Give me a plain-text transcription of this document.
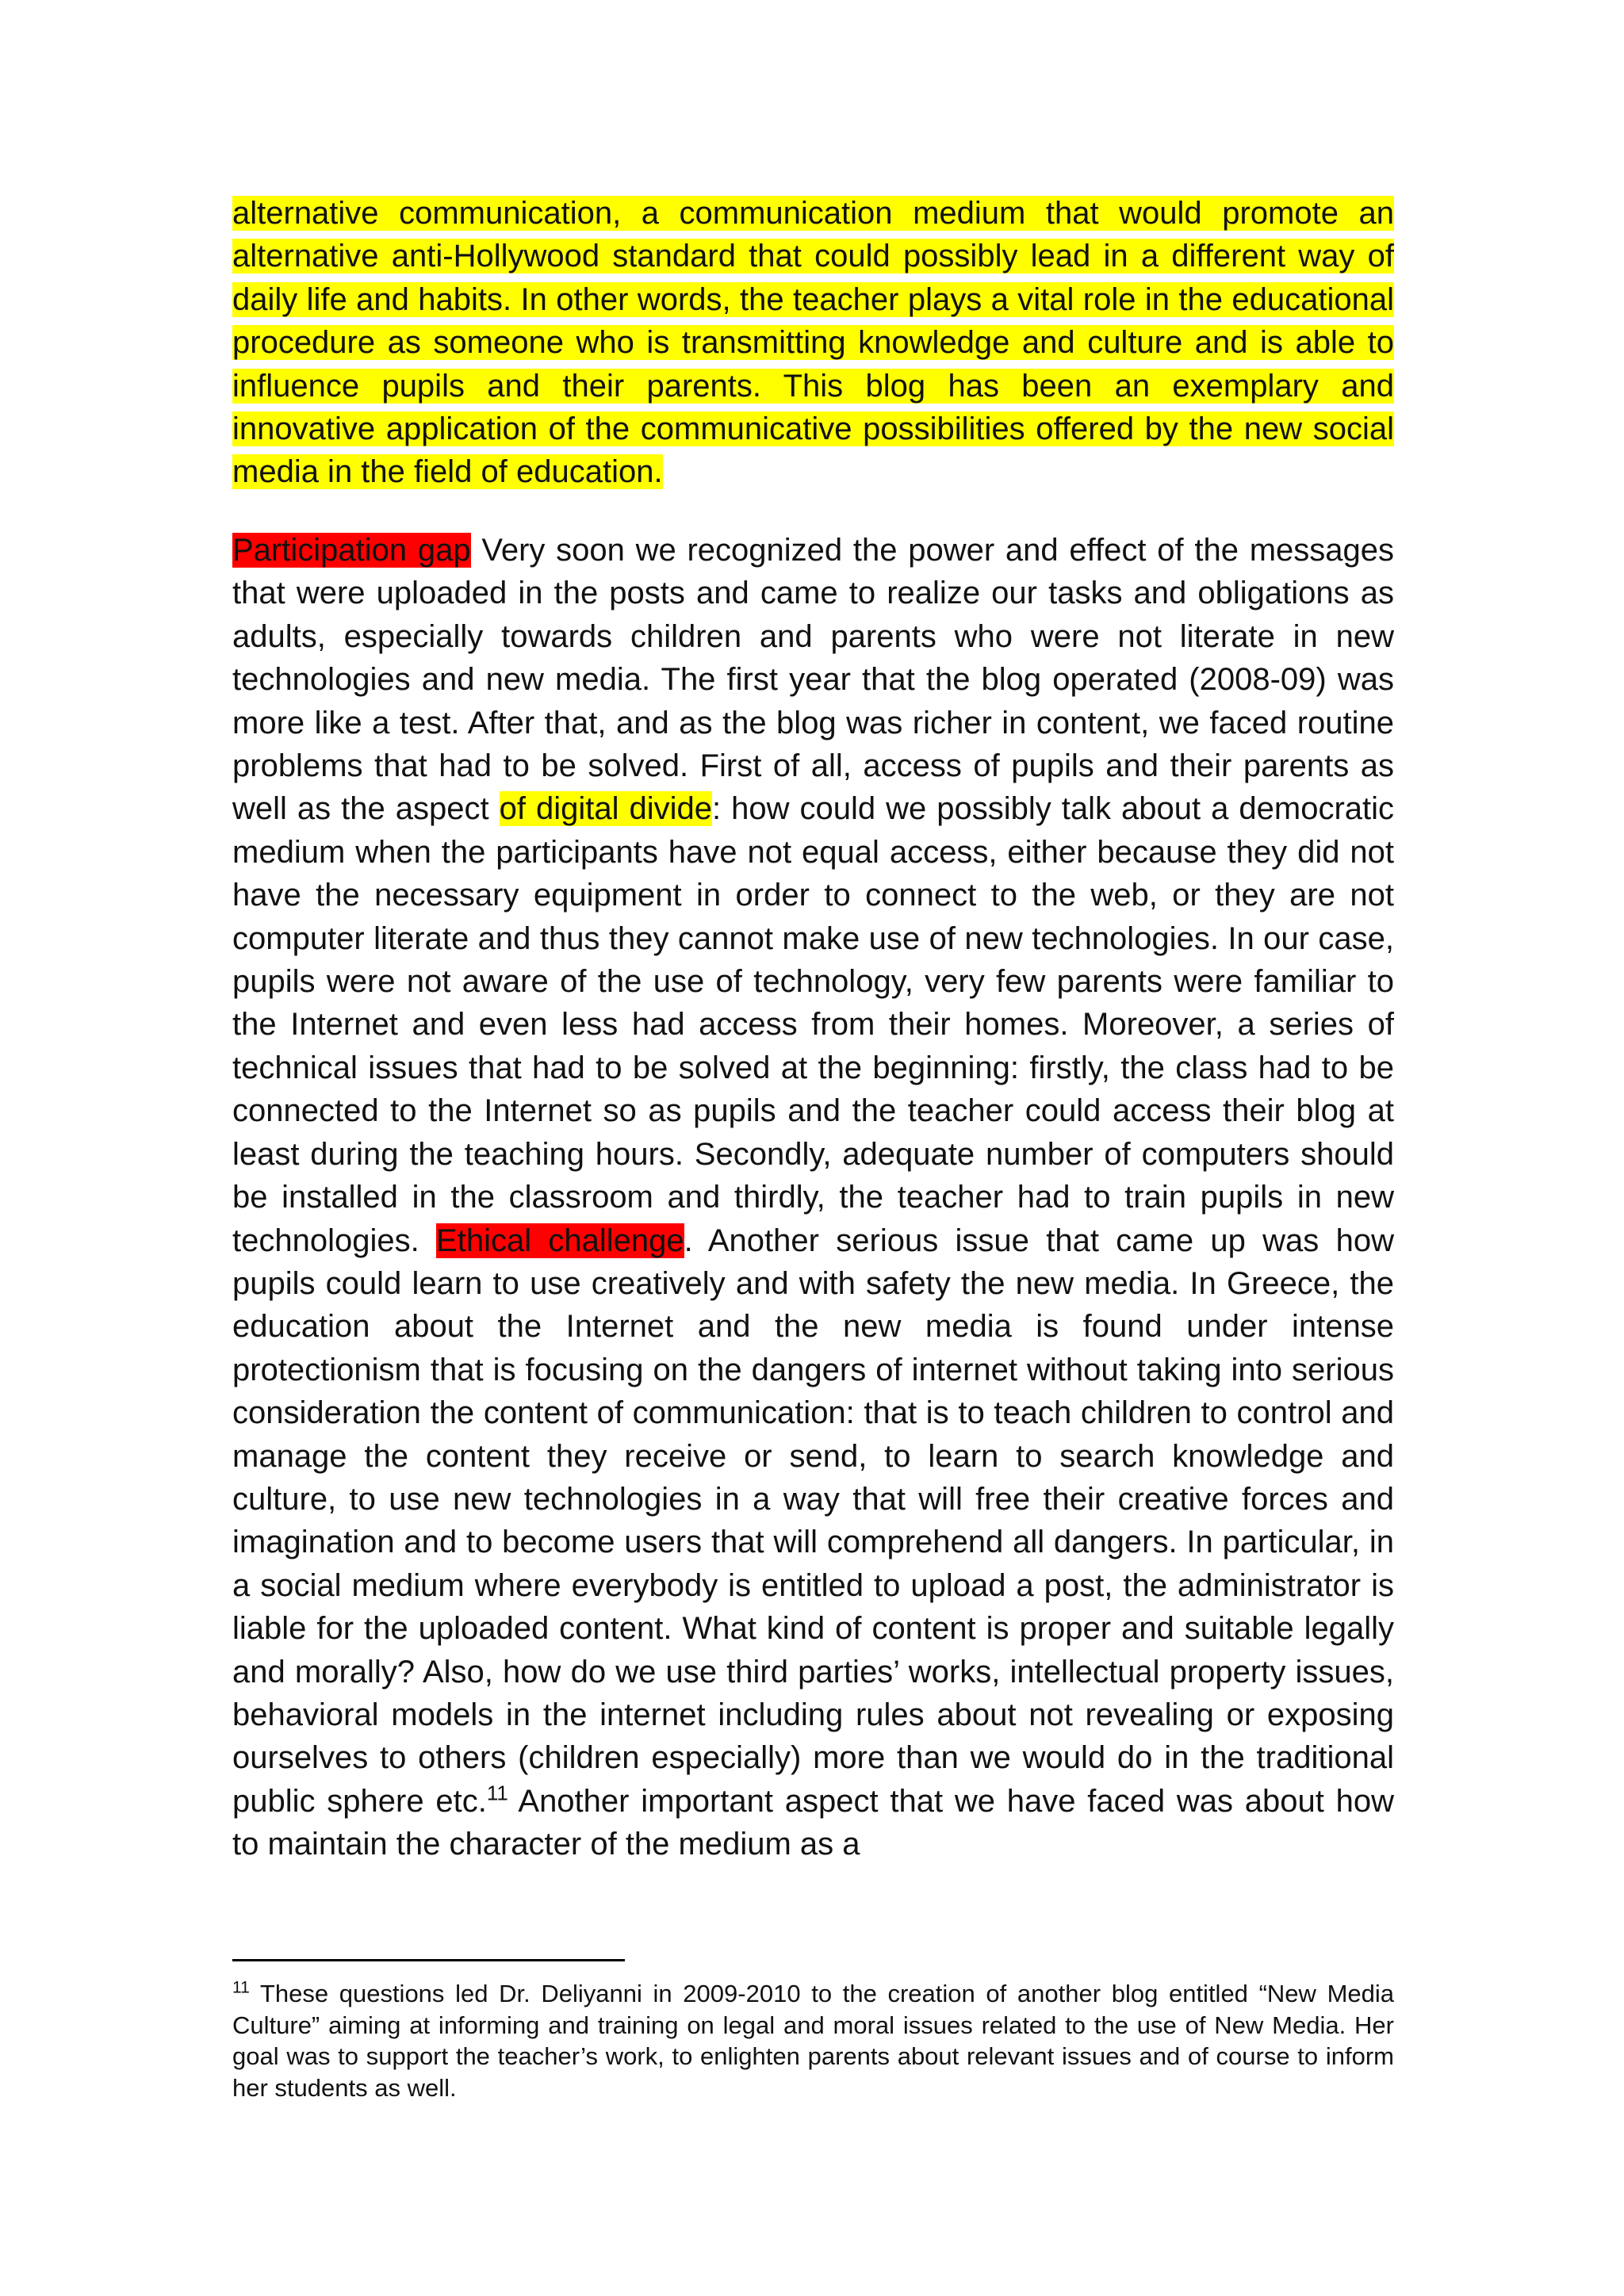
alternative communication, a communication medium that would promote an alternative anti-Hollywood standard that could possibly lead in a different way of daily life and habits. In other words, the teacher plays a vital role in the educational procedure as someone who is transmitting knowledge and culture and is able to influence pupils and their parents. This blog has been an exemplary and innovative application of the communicative possibilities offered by the new social media in the field of education.

Participation gap Very soon we recognized the power and effect of the messages that were uploaded in the posts and came to realize our tasks and obligations as adults, especially towards children and parents who were not literate in new technologies and new media. The first year that the blog operated (2008-09) was more like a test. After that, and as the blog was richer in content, we faced routine problems that had to be solved. First of all, access of pupils and their parents as well as the aspect of digital divide: how could we possibly talk about a democratic medium when the participants have not equal access, either because they did not have the necessary equipment in order to connect to the web, or they are not computer literate and thus they cannot make use of new technologies. In our case, pupils were not aware of the use of technology, very few parents were familiar to the Internet and even less had access from their homes. Moreover, a series of technical issues that had to be solved at the beginning: firstly, the class had to be connected to the Internet so as pupils and the teacher could access their blog at least during the teaching hours. Secondly, adequate number of computers should be installed in the classroom and thirdly, the teacher had to train pupils in new technologies. Ethical challenge. Another serious issue that came up was how pupils could learn to use creatively and with safety the new media. In Greece, the education about the Internet and the new media is found under intense protectionism that is focusing on the dangers of internet without taking into serious consideration the content of communication: that is to teach children to control and manage the content they receive or send, to learn to search knowledge and culture, to use new technologies in a way that will free their creative forces and imagination and to become users that will comprehend all dangers. In particular, in a social medium where everybody is entitled to upload a post, the administrator is liable for the uploaded content. What kind of content is proper and suitable legally and morally? Also, how do we use third parties’ works, intellectual property issues, behavioral models in the internet including rules about not revealing or exposing ourselves to others (children especially) more than we would do in the traditional public sphere etc.$^{11}$ Another important aspect that we have faced was about how to maintain the character of the medium as a

$^{11}$ These questions led Dr. Deliyanni in 2009-2010 to the creation of another blog entitled “New Media Culture” aiming at informing and training on legal and moral issues related to the use of New Media. Her goal was to support the teacher’s work, to enlighten parents about relevant issues and of course to inform her students as well.
